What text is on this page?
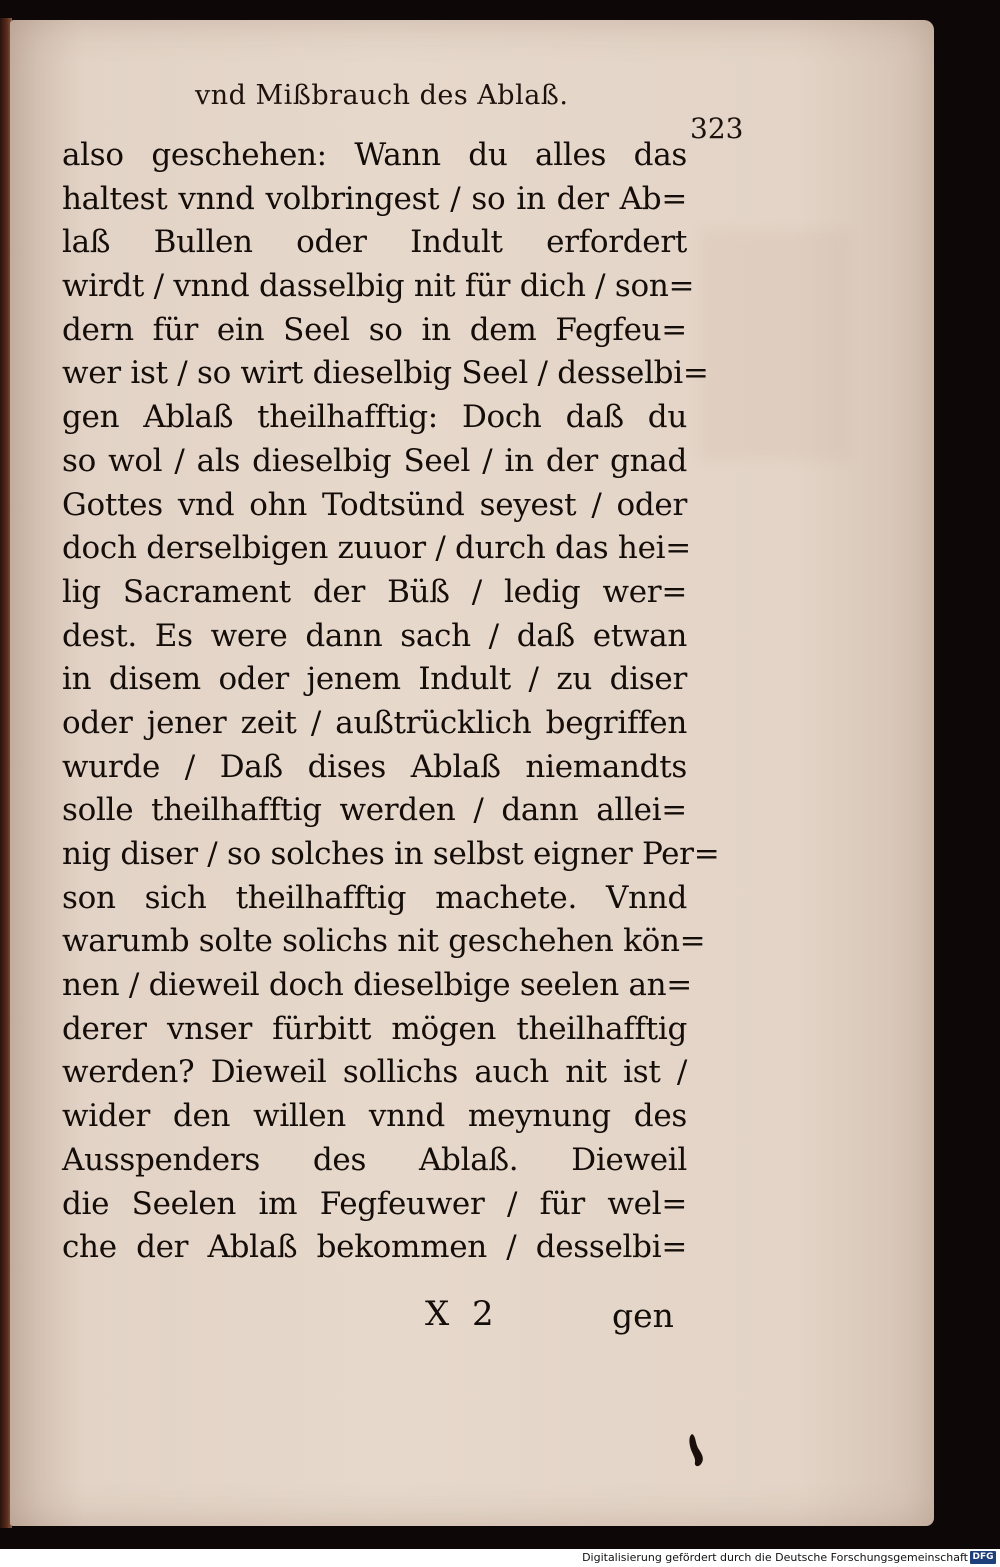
vnd Mißbrauch des Ablaß.
323
also geschehen: Wann du alles das
haltest vnnd volbringest / so in der Ab=
laß Bullen oder Indult erfordert
wirdt / vnnd dasselbig nit für dich / son=
dern für ein Seel so in dem Fegfeu=
wer ist / so wirt dieselbig Seel / desselbi=
gen Ablaß theilhafftig: Doch daß du
so wol / als dieselbig Seel / in der gnad
Gottes vnd ohn Todtsünd seyest / oder
doch derselbigen zuuor / durch das hei=
lig Sacrament der Büß / ledig wer=
dest. Es were dann sach / daß etwan
in disem oder jenem Indult / zu diser
oder jener zeit / außtrücklich begriffen
wurde / Daß dises Ablaß niemandts
solle theilhafftig werden / dann allei=
nig diser / so solches in selbst eigner Per=
son sich theilhafftig machete. Vnnd
warumb solte solichs nit geschehen kön=
nen / dieweil doch dieselbige seelen an=
derer vnser fürbitt mögen theilhafftig
werden? Dieweil sollichs auch nit ist /
wider den willen vnnd meynung des
Ausspenders des Ablaß. Dieweil
die Seelen im Fegfeuwer / für wel=
che der Ablaß bekommen / desselbi=
X 2	gen
Digitalisierung gefördert durch die Deutsche Forschungsgemeinschaft DFG
